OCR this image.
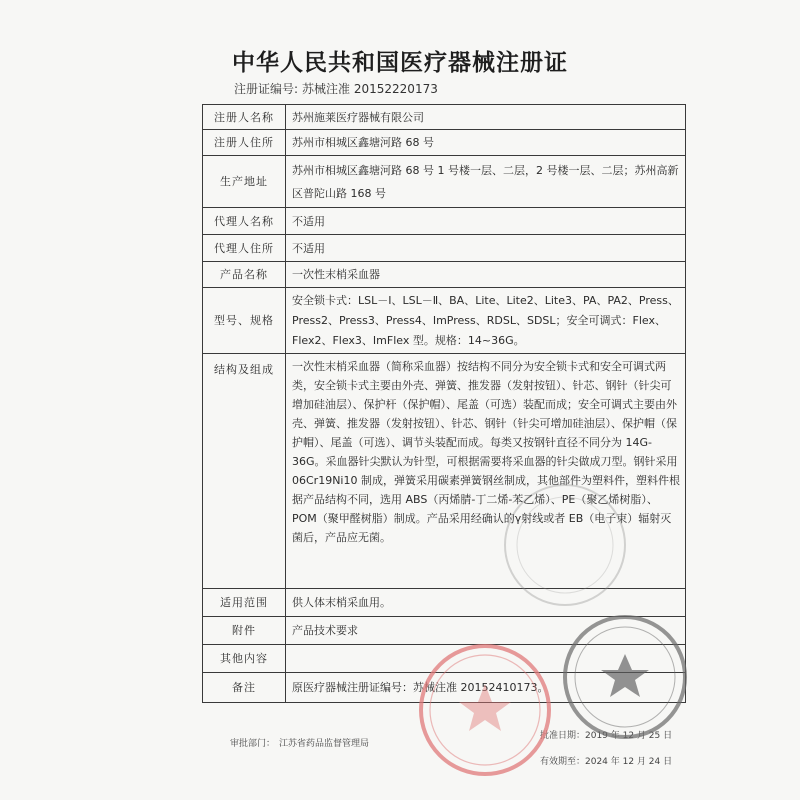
中华人民共和国医疗器械注册证
注册证编号: 苏械注准 20152220173
注册人名称	苏州施莱医疗器械有限公司
注册人住所	苏州市相城区鑫塘河路 68 号
生产地址	苏州市相城区鑫塘河路 68 号 1 号楼一层、二层，2 号楼一层、二层；苏州高新区普陀山路 168 号
代理人名称	不适用
代理人住所	不适用
产品名称	一次性末梢采血器
型号、规格	安全锁卡式：LSL－Ⅰ、LSL－Ⅱ、BA、Lite、Lite2、Lite3、PA、PA2、Press、Press2、Press3、Press4、ImPress、RDSL、SDSL；安全可调式：Flex、Flex2、Flex3、ImFlex 型。规格：14~36G。
结构及组成	一次性末梢采血器（简称采血器）按结构不同分为安全锁卡式和安全可调式两类，安全锁卡式主要由外壳、弹簧、推发器（发射按钮）、针芯、钢针（针尖可增加硅油层）、保护杆（保护帽）、尾盖（可选）装配而成；安全可调式主要由外壳、弹簧、推发器（发射按钮）、针芯、钢针（针尖可增加硅油层）、保护帽（保护帽）、尾盖（可选）、调节头装配而成。每类又按钢针直径不同分为 14G-36G。采血器针尖默认为针型，可根据需要将采血器的针尖做成刀型。钢针采用 06Cr19Ni10 制成，弹簧采用碳素弹簧钢丝制成，其他部件为塑料件，塑料件根据产品结构不同，选用 ABS（丙烯腈-丁二烯-苯乙烯）、PE（聚乙烯树脂）、POM（聚甲醛树脂）制成。产品采用经确认的γ射线或者 EB（电子束）辐射灭菌后，产品应无菌。
适用范围	供人体末梢采血用。
附件	产品技术要求
其他内容	
备注	原医疗器械注册证编号：苏械注准 20152410173。
审批部门： 江苏省药品监督管理局
批准日期：2019 年 12 月 25 日
有效期至：2024 年 12 月 24 日
